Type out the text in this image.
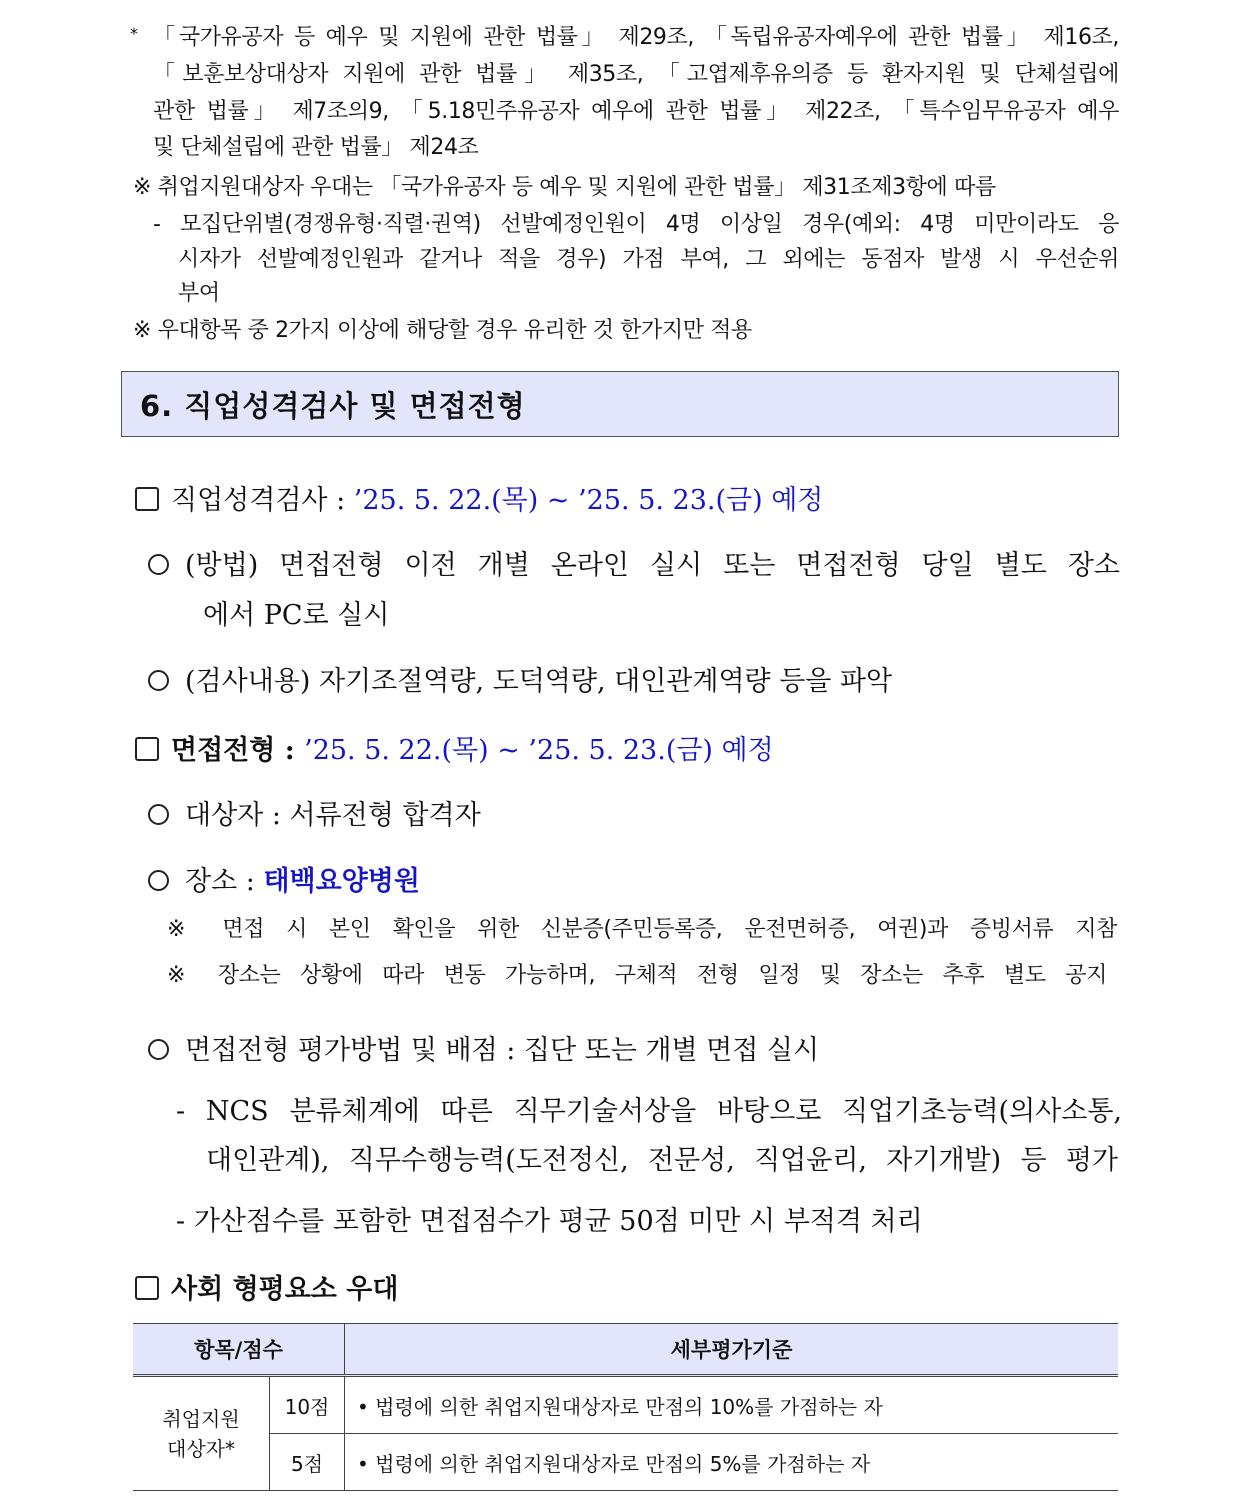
* 「국가유공자 등 예우 및 지원에 관한 법률」 제29조, 「독립유공자예우에 관한 법률」 제16조,
「보훈보상대상자 지원에 관한 법률」 제35조, 「고엽제후유의증 등 환자지원 및 단체설립에
관한 법률」 제7조의9, 「5.18민주유공자 예우에 관한 법률」 제22조, 「특수임무유공자 예우
및 단체설립에 관한 법률」 제24조
※ 취업지원대상자 우대는 「국가유공자 등 예우 및 지원에 관한 법률」 제31조제3항에 따름
- 모집단위별(경쟁유형·직렬·권역) 선발예정인원이 4명 이상일 경우(예외: 4명 미만이라도 응
시자가 선발예정인원과 같거나 적을 경우) 가점 부여, 그 외에는 동점자 발생 시 우선순위
부여
※ 우대항목 중 2가지 이상에 해당할 경우 유리한 것 한가지만 적용
6. 직업성격검사 및 면접전형
직업성격검사 : ’25. 5. 22.(목) ~ ’25. 5. 23.(금) 예정
(방법) 면접전형 이전 개별 온라인 실시 또는 면접전형 당일 별도 장소
에서 PC로 실시
(검사내용) 자기조절역량, 도덕역량, 대인관계역량 등을 파악
면접전형 : ’25. 5. 22.(목) ~ ’25. 5. 23.(금) 예정
대상자 : 서류전형 합격자
장소 : 태백요양병원
※ 면접 시 본인 확인을 위한 신분증(주민등록증, 운전면허증, 여권)과 증빙서류 지참
※ 장소는 상황에 따라 변동 가능하며, 구체적 전형 일정 및 장소는 추후 별도 공지
면접전형 평가방법 및 배점 : 집단 또는 개별 면접 실시
- NCS 분류체계에 따른 직무기술서상을 바탕으로 직업기초능력(의사소통,
대인관계), 직무수행능력(도전정신, 전문성, 직업윤리, 자기개발) 등 평가
- 가산점수를 포함한 면접점수가 평균 50점 미만 시 부적격 처리
사회 형평요소 우대
항목/점수		세부평가기준

취업지원
대상자*	10점	• 법령에 의한 취업지원대상자로 만점의 10%를 가점하는 자
	5점	• 법령에 의한 취업지원대상자로 만점의 5%를 가점하는 자
